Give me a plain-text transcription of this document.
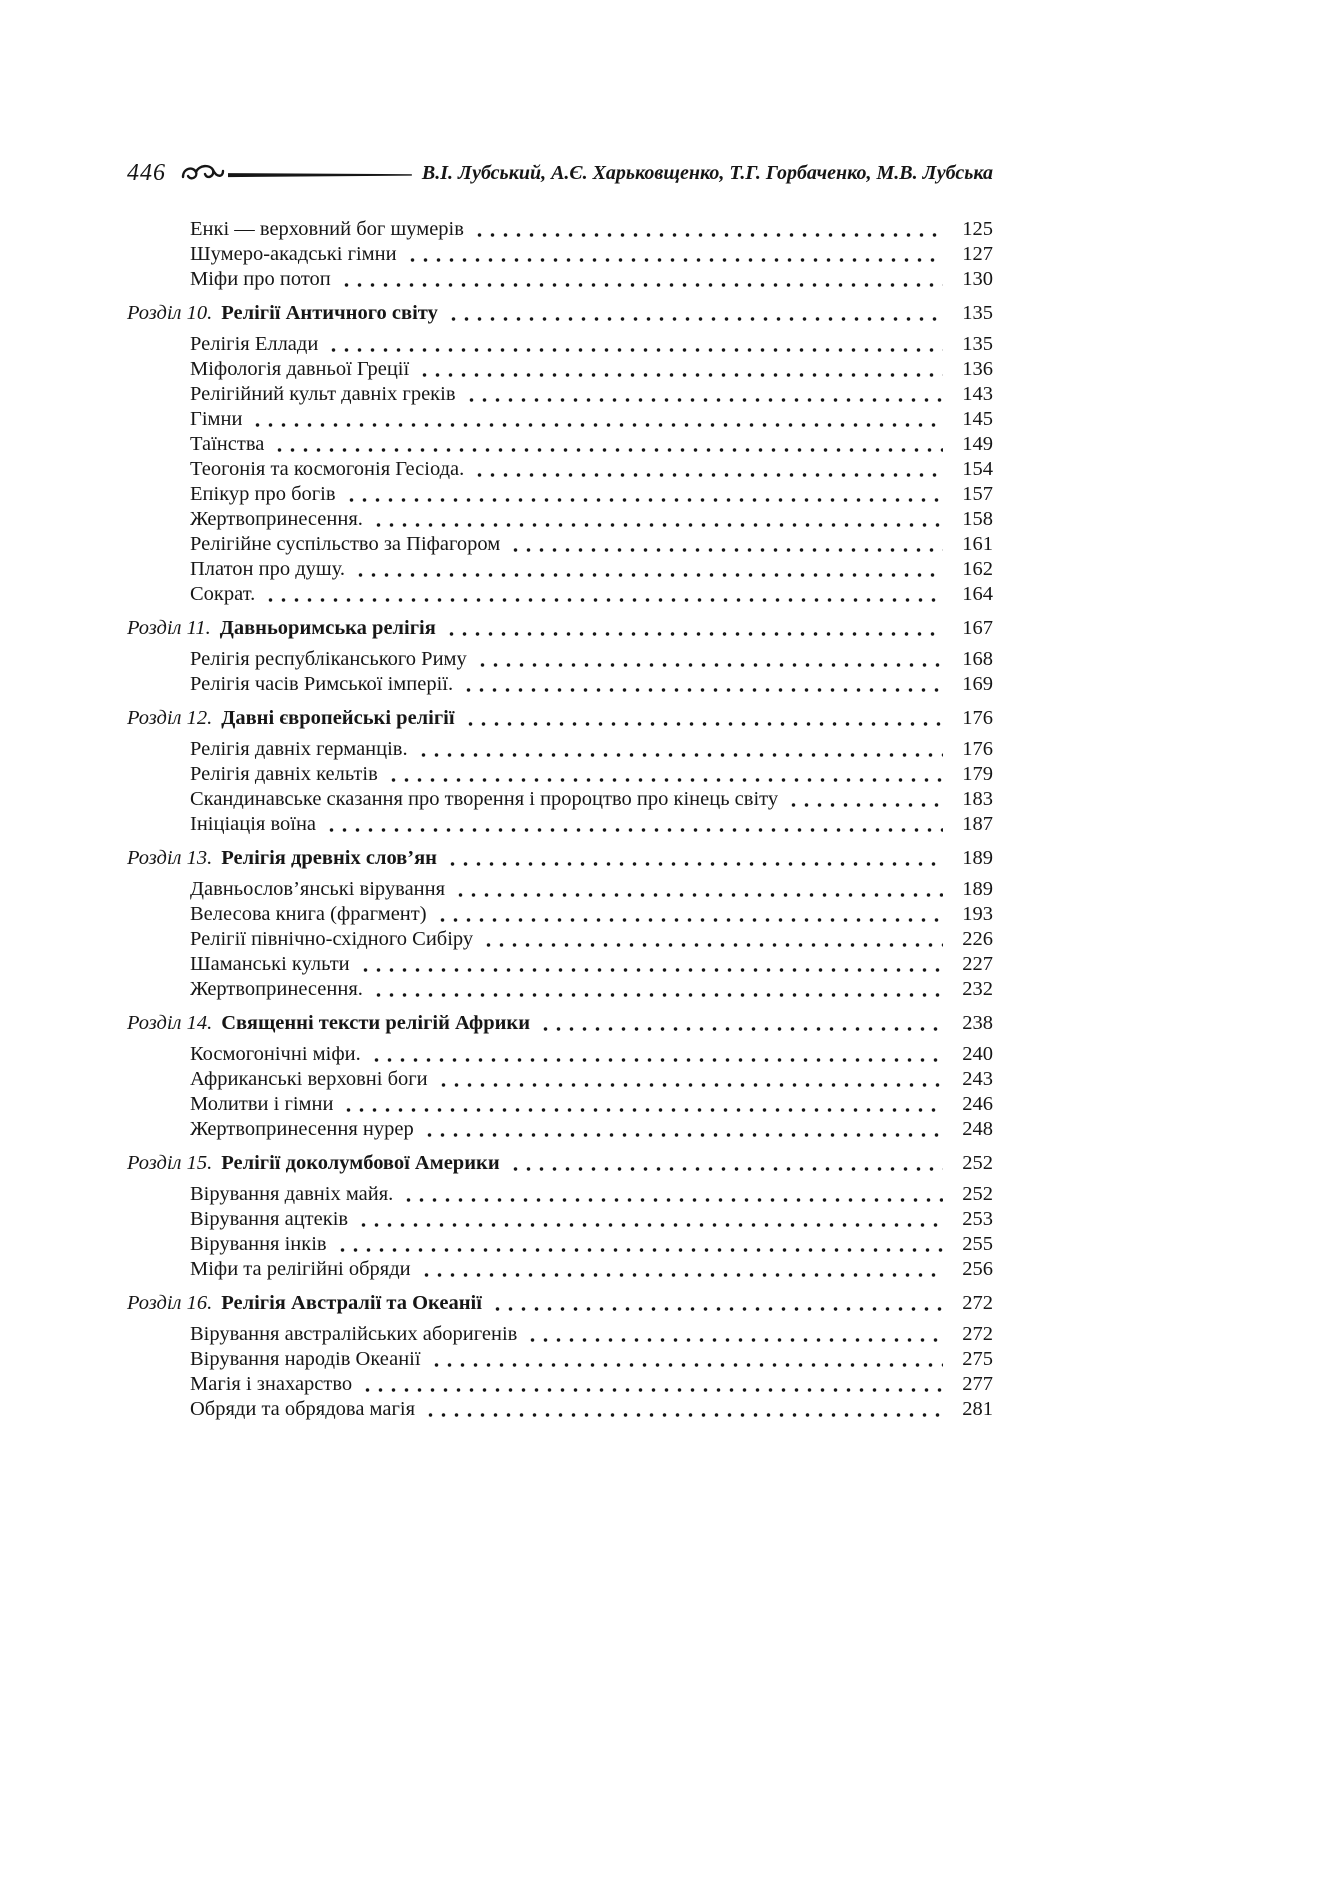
446	В.І. Лубський, А.Є. Харьковщенко, Т.Г. Горбаченко, М.В. Лубська
Енкі — верховний бог шумерів	125
Шумеро-акадські гімни	127
Міфи про потоп	130
Розділ 10. Релігії Античного світу	135
Релігія Еллади	135
Міфологія давньої Греції	136
Релігійний культ давніх греків	143
Гімни	145
Таїнства	149
Теогонія та космогонія Гесіода.	154
Епікур про богів	157
Жертвопринесення.	158
Релігійне суспільство за Піфагором	161
Платон про душу.	162
Сократ.	164
Розділ 11. Давньоримська релігія	167
Релігія республіканського Риму	168
Релігія часів Римської імперії.	169
Розділ 12. Давні європейські релігії	176
Релігія давніх германців.	176
Релігія давніх кельтів	179
Скандинавське сказання про творення і пророцтво про кінець світу	183
Ініціація воїна	187
Розділ 13. Релігія древніх слов’ян	189
Давньослов’янські вірування	189
Велесова книга (фрагмент)	193
Релігії північно-східного Сибіру	226
Шаманські культи	227
Жертвопринесення.	232
Розділ 14. Священні тексти релігій Африки	238
Космогонічні міфи.	240
Африканські верховні боги	243
Молитви і гімни	246
Жертвопринесення нурер	248
Розділ 15. Релігії доколумбової Америки	252
Вірування давніх майя.	252
Вірування ацтеків	253
Вірування інків	255
Міфи та релігійні обряди	256
Розділ 16. Релігія Австралії та Океанії	272
Вірування австралійських аборигенів	272
Вірування народів Океанії	275
Магія і знахарство	277
Обряди та обрядова магія	281
